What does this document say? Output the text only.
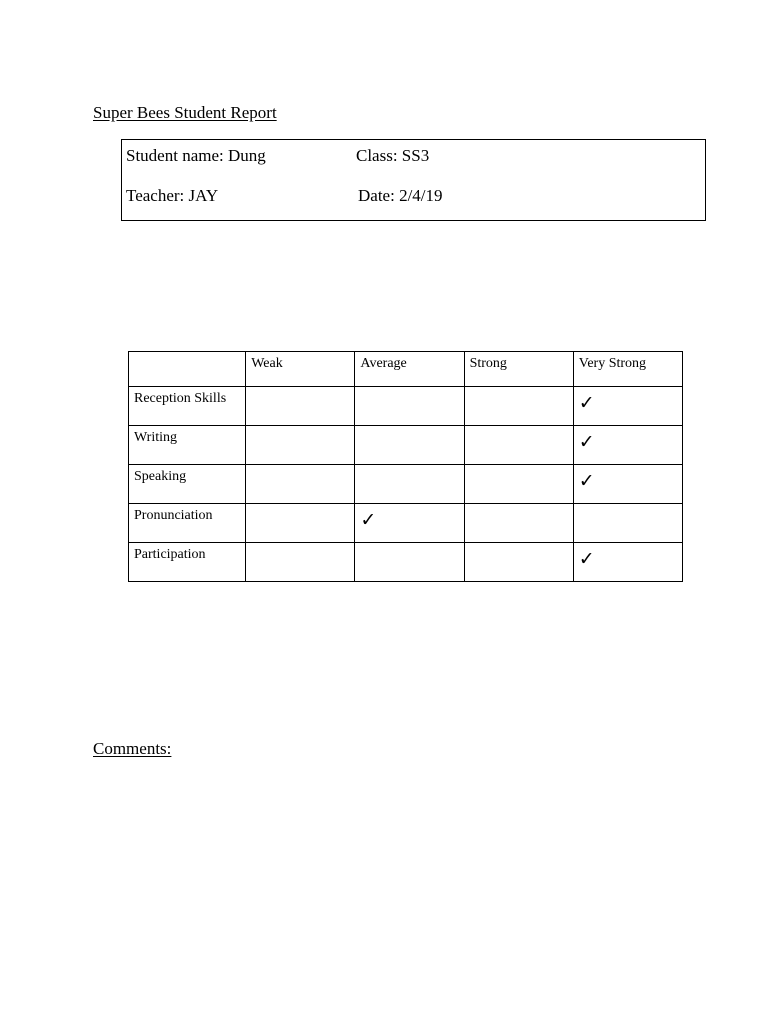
Super Bees Student Report
Student name: Dung	Class: SS3
Teacher: JAY	Date: 2/4/19
	Weak	Average	Strong	Very Strong
Reception Skills				✓

Writing				✓

Speaking				✓

Pronunciation		✓		

Participation				✓
Comments:
